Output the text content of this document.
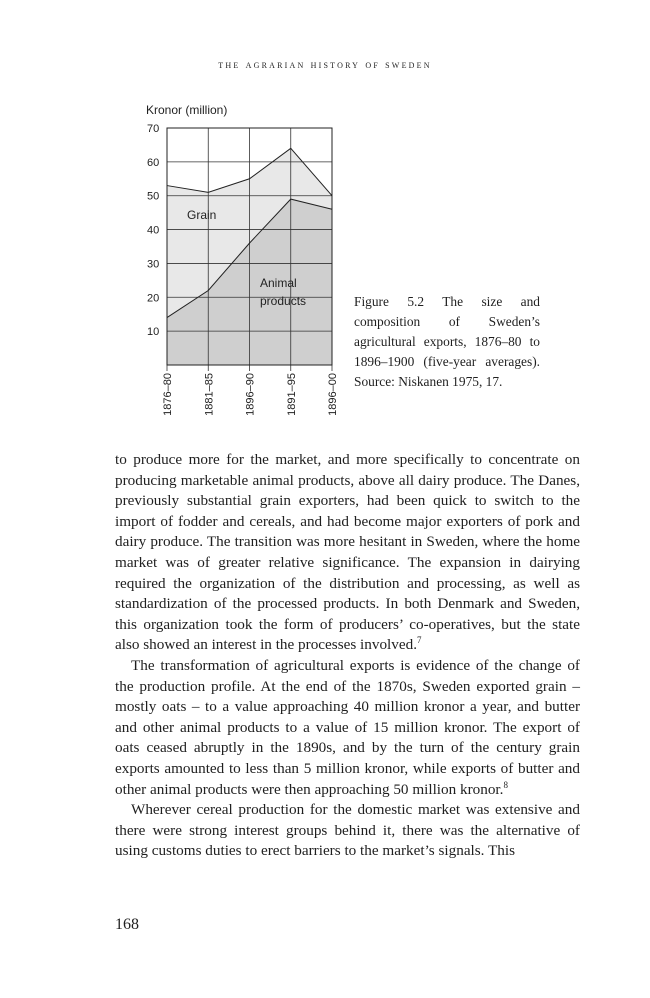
the agrarian history of sweden
Kronor (million)
10
20
30
40
50
60
70
1876–80	1881–85	1896–90	1891–95	1896–00
Grain
Animal
products	Figure 5.2 The size and composition of Sweden’s agricultural exports, 1876–80 to 1896–1900 (five-year averages). Source: Niskanen 1975, 17.

to produce more for the market, and more specifically to concentrate on producing marketable animal products, above all dairy produce. The Danes, previously substantial grain exporters, had been quick to switch to the import of fodder and cereals, and had become major exporters of pork and dairy produce. The transition was more hesitant in Sweden, where the home market was of greater relative significance. The expansion in dairying required the organization of the distribution and processing, as well as standardization of the processed products. In both Denmark and Sweden, this organization took the form of producers’ co-operatives, but the state also showed an interest in the processes involved.$^7$

The transformation of agricultural exports is evidence of the change of the production profile. At the end of the 1870s, Sweden exported grain – mostly oats – to a value approaching 40 million kronor a year, and butter and other animal products to a value of 15 million kronor. The export of oats ceased abruptly in the 1890s, and by the turn of the century grain exports amounted to less than 5 million kronor, while exports of butter and other animal products were then approaching 50 million kronor.$^8$

Wherever cereal production for the domestic market was extensive and there were strong interest groups behind it, there was the alternative of using customs duties to erect barriers to the market’s signals. This

168
